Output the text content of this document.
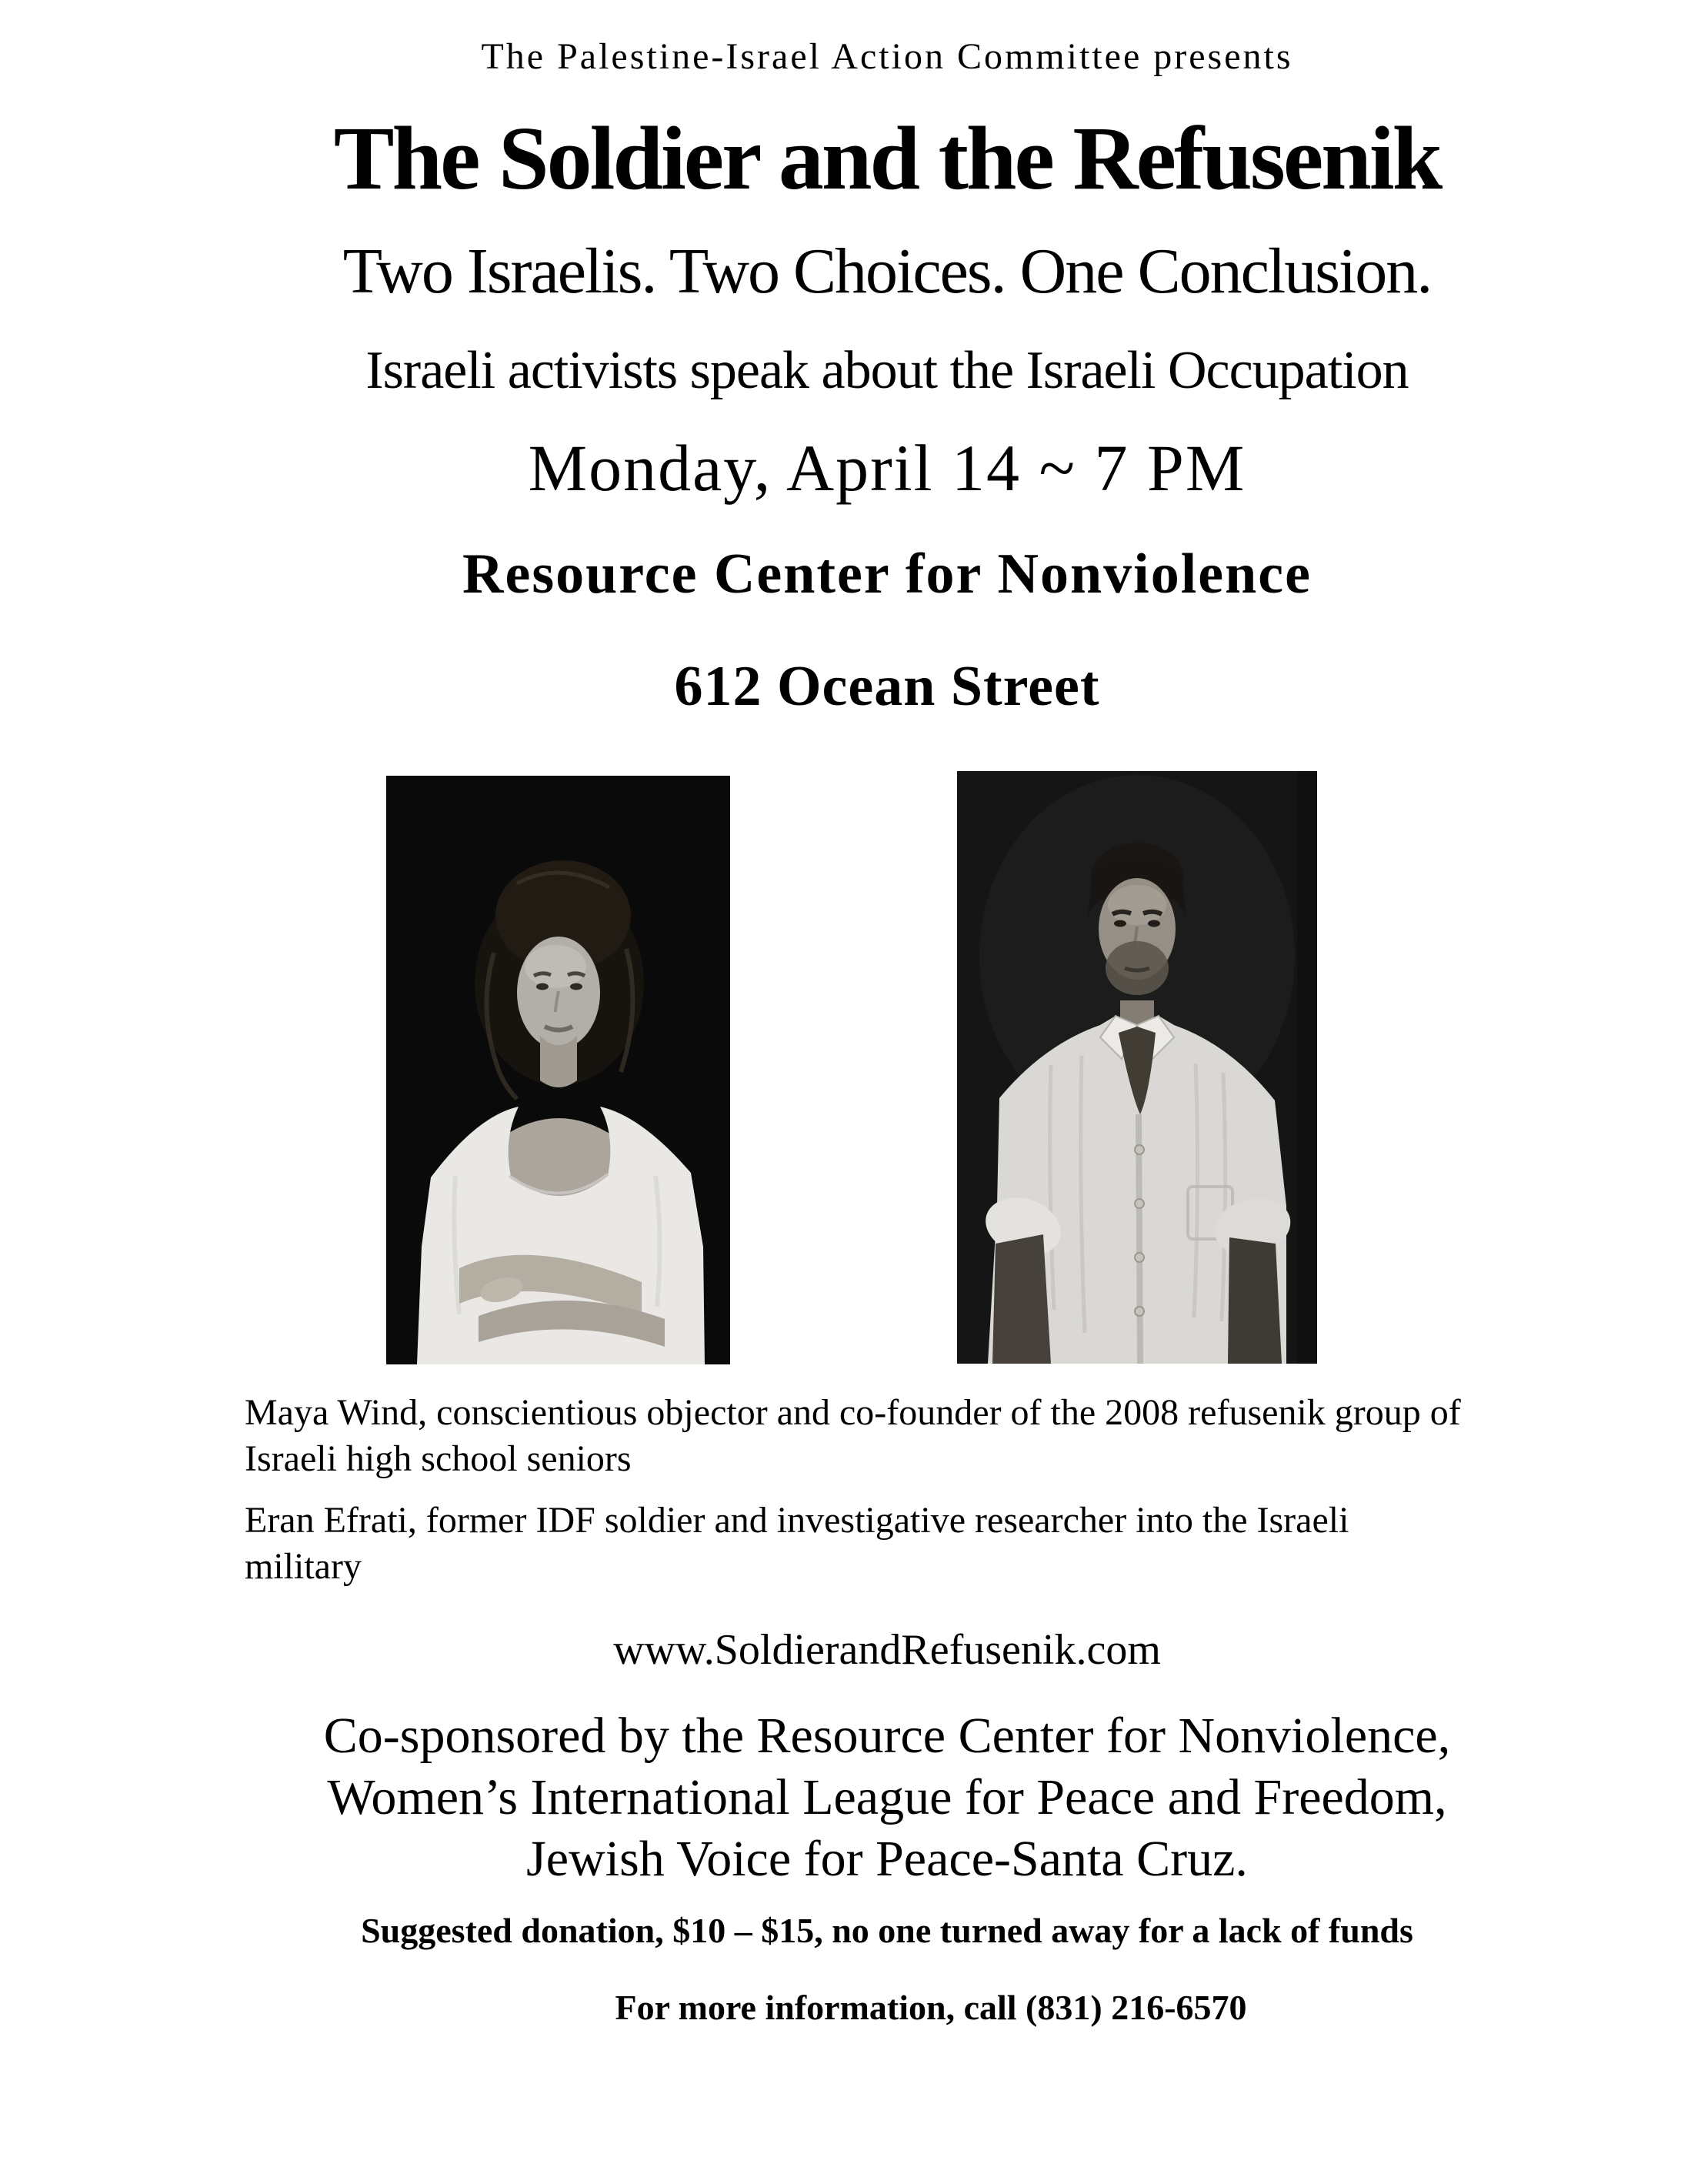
The Palestine-Israel Action Committee presents
The Soldier and the Refusenik
Two Israelis. Two Choices. One Conclusion.
Israeli activists speak about the Israeli Occupation
Monday, April 14 ~ 7 PM
Resource Center for Nonviolence
612 Ocean Street
Maya Wind, conscientious objector and co-founder of the 2008 refusenik group of
Israeli high school seniors
Eran Efrati, former IDF soldier and investigative researcher into the Israeli
military
www.SoldierandRefusenik.com
Co-sponsored by the Resource Center for Nonviolence,
Women’s International League for Peace and Freedom,
Jewish Voice for Peace-Santa Cruz.
Suggested donation, $10 – $15, no one turned away for a lack of funds
For more information, call (831) 216-6570
